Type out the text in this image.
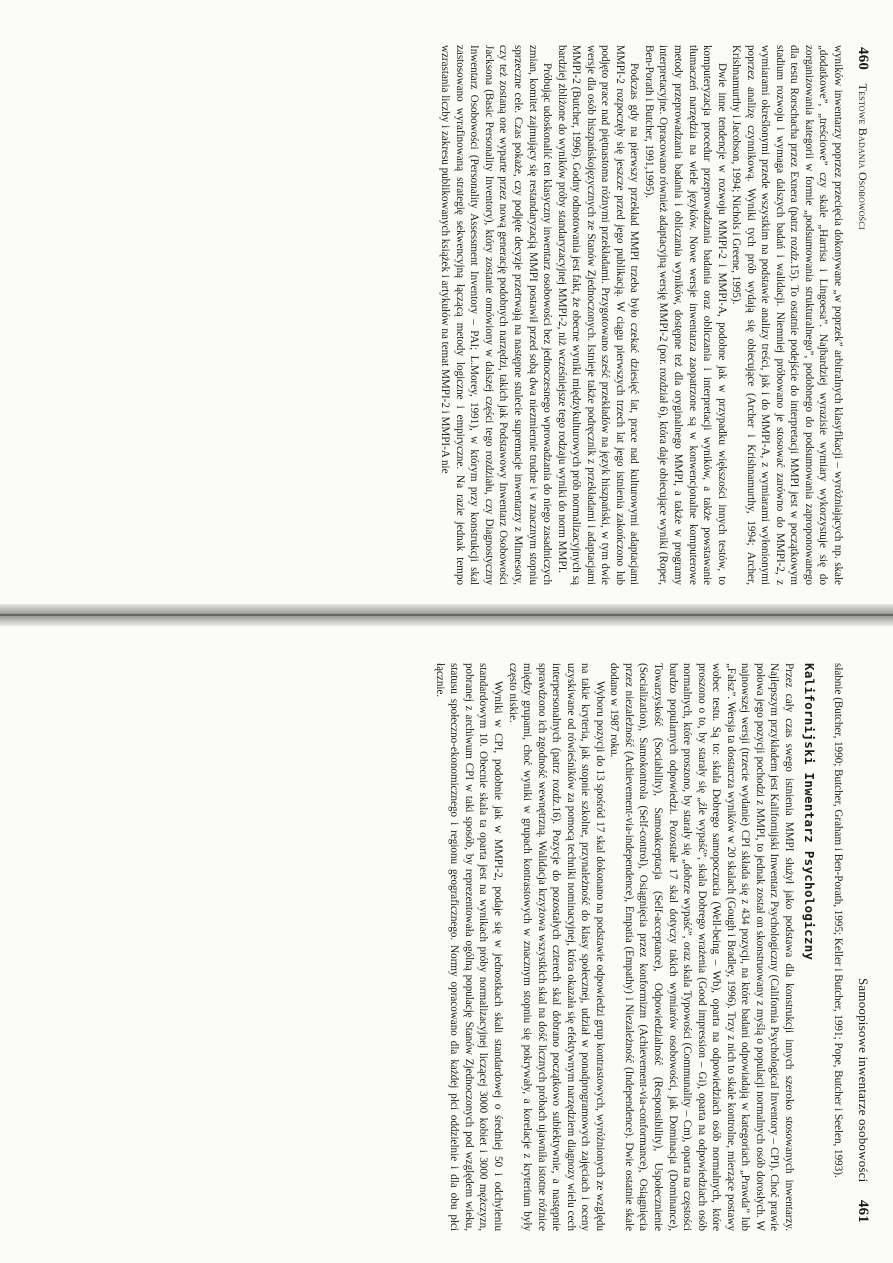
460 Testowe Badania Osobowości

wyników inwentarzy poprzez przecięcia dokonywane „w poprzek” arbitralnych klasyfikacji – wyróżniających np. skale „dodatkowe”, „treściowe” czy skale „Harrisa i Lingoesa”. Najbardziej wyrazisie wymiary wykorzystuje się do zorganizowania kategorii w formie „podsumowania strukturalnego”, podobnego do podsumowania zaproponowanego dla testu Rorschacha przez Exnera (patrz rozdz.15). To ostatnie podejście do interpretacji MMPI jest w początkowym stadium rozwoju i wymaga dalszych badań i walidacji. Niemniej próbowano je stosować zarówno do MMPI-2, z wymiarami określonymi przede wszystkim na podstawie analizy treści, jak i do MMPI-A, z wymiarami wyłonionymi poprzez analizę czynnikową. Wyniki tych prób wydają się obiecujące (Archer i Krishnamurthy, 1994; Archer, Krishnamurthy i Jacobson, 1994; Nichols i Greene, 1995).

Dwie inne tendencje w rozwoju MMPI-2 i MMPI-A, podobne jak w przypadku większości innych testów, to komputeryzacja procedur przeprowadzania badania oraz obliczania i interpretacji wyników, a także powstawanie tłumaczeń narzędzia na wiele języków. Nowe wersje inwentarza zaopatrzone są w konwencjonalne komputerowe metody przeprowadzania badania i obliczania wyników, dostępne też dla oryginalnego MMPI, a także w programy interpretacyjne. Opracowano również adaptacyjną wersję MMPI-2 (por. rozdział 6), która daje obiecujące wyniki (Roper, Ben-Porath i Butcher, 1991,1995).

Podczas gdy na pierwszy przekład MMPI trzeba było czekać dziesięć lat, prace nad kulturowymi adaptacjami MMPI-2 rozpoczęły się jeszcze przed jego publikacją. W ciągu pierwszych trzech lat jego istnienia zakończono lub podjęto prace nad piętnastoma różnymi przekładami. Przygotowano sześć przekładów na język hiszpański, w tym dwie wersje dla osób hiszpańskojęzycznych ze Stanów Zjednoczonych. Istnieje także podręcznik z przekładami i adaptacjami MMPI-2 (Butcher, 1996). Godny odnotowania jest fakt, że obecne wyniki międzykulturowych prób normalizacyjnych są bardziej zbliżone do wyników próby standaryzacyjnej MMPI-2, niż wcześniejsze tego rodzaju wyniki do norm MMPI.

Próbując udoskonalić ten klasyczny inwentarz osobowości bez jednoczesnego wprowadzania do niego zasadniczych zmian, komitet zajmujący się restandaryzacją MMPI postawił przed sobą dwa niezmiernie trudne i w znacznym stopniu sprzeczne cele. Czas pokaże, czy podjęte decyzje przetrwają na następne stulecie supremacje inwentarzy z Minnesoty, czy też zostaną one wyparte przez nową generację podobnych narzędzi, takich jak Podstawowy Inwentarz Osobowości Jacksona (Basic Personality Inventory), który zostanie omówiony w dalszej części tego rozdziału, czy Diagnostyczny Inwentarz Osobowości (Personality Assessment Inventory – PAI; L.Morey, 1991), w którym przy konstrukcji skal zastosowano wyrafinowaną strategię sekwencyjną łączącą metody logiczne i empiryczne. Na razie jednak tempo wzrastania liczby i zakresu publikowanych książek i artykułów na temat MMPI-2 i MMPI-A nie

Samoopisowe inwentarze osobowości 461

słabnie (Butcher, 1990; Butcher, Graham i Ben-Porath, 1995; Keller i Butcher, 1991; Pope, Butcher i Seelen, 1993).

Kalifornijski Inwentarz Psychologiczny

Przez cały czas swego istnienia MMPI służył jako podstawa dla konstrukcji innych szeroko stosowanych inwentarzy. Najlepszym przykładem jest Kalifornijski Inwentarz Psychologiczny (California Psychological Inventory – CPI). Choć prawie połowa jego pozycji pochodzi z MMPI, to jednak został on skonstruowany z myślą o populacji normalnych osób dorosłych. W najnowszej wersji (trzecie wydanie) CPI składa się z 434 pozycji, na które badani odpowiadają w kategoriach „Prawda” lub „Fałsz”. Wersja ta dostarcza wyników w 20 skalach (Gough i Bradley, 1996). Trzy z nich to skale kontrolne, mierzące postawy wobec testu. Są to: skala Dobrego samopoczucia (Well-being – Wb), oparta na odpowiedziach osób normalnych, które proszono o to, by starały się „źle wypaść”, skala Dobrego wrażenia (Good impression – Gi), oparta na odpowiedziach osób normalnych, które proszono, by starały się „dobrze wypaść”, oraz skala Typowości (Communality – Cm), oparta na częstości bardzo popularnych odpowiedzi. Pozostałe 17 skal dotyczy takich wymiarów osobowości, jak Dominacja (Dominance), Towarzyskość (Sociability), Samoakceptacja (Self-acceptance), Odpowiedzialność (Responsibility), Uspołecznienie (Socialization), Samokontrola (Self-control), Osiągnięcia przez konformizm (Achievement-via-conformance), Osiągnięcia przez niezależność (Achievement-via-independence), Empatia (Empathy) i Niezależność (Independence). Dwie ostatnie skale dodano w 1987 roku.

Wyboru pozycji do 13 spośród 17 skal dokonano na podstawie odpowiedzi grup kontrastowych, wyróżnionych ze względu na takie kryteria, jak stopnie szkolne, przynależność do klasy społecznej, udział w ponadprogramowych zajęciach i oceny uzyskiwane od rówieśników za pomocą techniki nominacyjnej, która okazała się efektywnym narzędziem diagnozy wielu cech interpersonalnych (patrz rozdz.16). Pozycje do pozostałych czterech skal dobrano początkowo subiektywnie, a następnie sprawdzono ich zgodność wewnętrzną. Walidacja krzyżowa wszystkich skal na dość licznych próbach ujawniła istotne różnice między grupami, choć wyniki w grupach kontrastowych w znacznym stopniu się pokrywały, a korelacje z kryterium były często niskie.

Wyniki w CPI, podobnie jak w MMPI-2, podaje się w jednostkach skali standardowej o średniej 50 i odchyleniu standardowym 10. Obecnie skala ta oparta jest na wynikach próby normalizacyjnej liczącej 3000 kobiet i 3000 mężczyzn, pobranej z archiwum CPI w taki sposób, by reprezentowała ogólną populację Stanów Zjednoczonych pod względem wieku, statusu społeczno-ekonomicznego i regionu geograficznego. Normy opracowano dla każdej płci oddzielnie i dla obu płci łącznie.
